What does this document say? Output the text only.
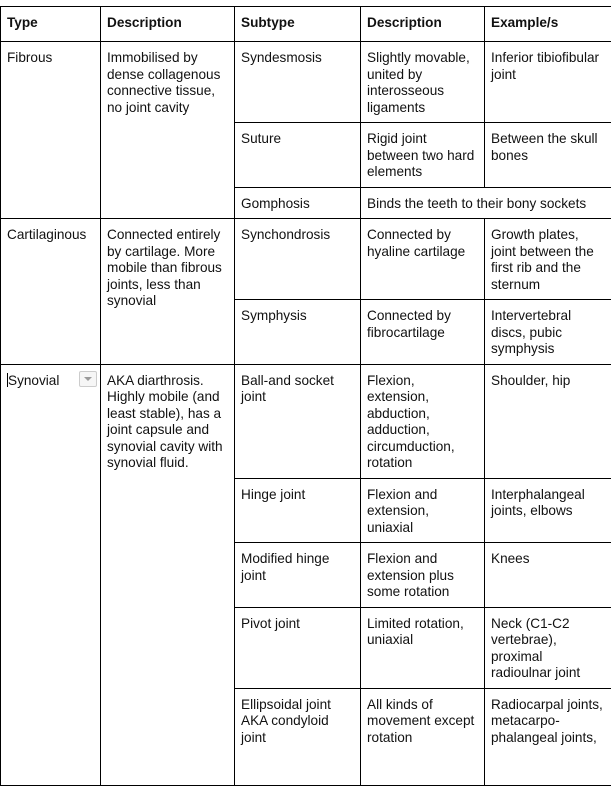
Type	Description	Subtype	Description	Example/s
Fibrous	Immobilised by dense collagenous connective tissue, no joint cavity	Syndesmosis	Slightly movable, united by interosseous ligaments	Inferior tibiofibular joint
		Suture	Rigid joint between two hard elements	Between the skull bones
		Gomphosis	Binds the teeth to their bony sockets	
Cartilaginous	Connected entirely by cartilage. More mobile than fibrous joints, less than synovial	Synchondrosis	Connected by hyaline cartilage	Growth plates, joint between the first rib and the sternum
		Symphysis	Connected by fibrocartilage	Intervertebral discs, pubic symphysis
Synovial	AKA diarthrosis. Highly mobile (and least stable), has a joint capsule and synovial cavity with synovial fluid.	Ball-and socket joint	Flexion, extension, abduction, adduction, circumduction, rotation	Shoulder, hip
		Hinge joint	Flexion and extension, uniaxial	Interphalangeal joints, elbows
		Modified hinge joint	Flexion and extension plus some rotation	Knees
		Pivot joint	Limited rotation, uniaxial	Neck (C1-C2 vertebrae), proximal radioulnar joint
		Ellipsoidal joint AKA condyloid joint	All kinds of movement except rotation	Radiocarpal joints, metacarpo-phalangeal joints,
